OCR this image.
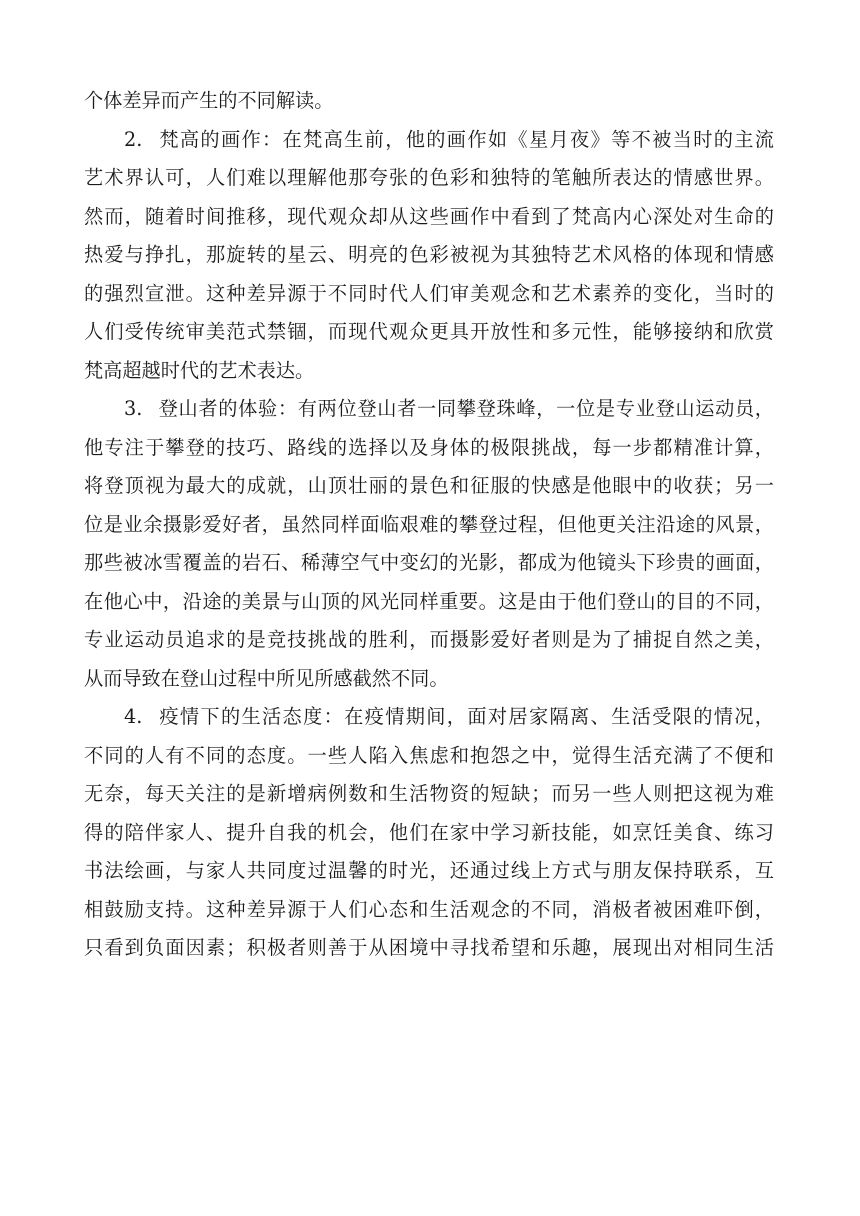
个体差异而产生的不同解读。
2. 梵高的画作：在梵高生前，他的画作如《星月夜》等不被当时的主流
艺术界认可，人们难以理解他那夸张的色彩和独特的笔触所表达的情感世界。
然而，随着时间推移，现代观众却从这些画作中看到了梵高内心深处对生命的
热爱与挣扎，那旋转的星云、明亮的色彩被视为其独特艺术风格的体现和情感
的强烈宣泄。这种差异源于不同时代人们审美观念和艺术素养的变化，当时的
人们受传统审美范式禁锢，而现代观众更具开放性和多元性，能够接纳和欣赏
梵高超越时代的艺术表达。
3. 登山者的体验：有两位登山者一同攀登珠峰，一位是专业登山运动员，
他专注于攀登的技巧、路线的选择以及身体的极限挑战，每一步都精准计算，
将登顶视为最大的成就，山顶壮丽的景色和征服的快感是他眼中的收获；另一
位是业余摄影爱好者，虽然同样面临艰难的攀登过程，但他更关注沿途的风景，
那些被冰雪覆盖的岩石、稀薄空气中变幻的光影，都成为他镜头下珍贵的画面，
在他心中，沿途的美景与山顶的风光同样重要。这是由于他们登山的目的不同，
专业运动员追求的是竞技挑战的胜利，而摄影爱好者则是为了捕捉自然之美，
从而导致在登山过程中所见所感截然不同。
4. 疫情下的生活态度：在疫情期间，面对居家隔离、生活受限的情况，
不同的人有不同的态度。一些人陷入焦虑和抱怨之中，觉得生活充满了不便和
无奈，每天关注的是新增病例数和生活物资的短缺；而另一些人则把这视为难
得的陪伴家人、提升自我的机会，他们在家中学习新技能，如烹饪美食、练习
书法绘画，与家人共同度过温馨的时光，还通过线上方式与朋友保持联系，互
相鼓励支持。这种差异源于人们心态和生活观念的不同，消极者被困难吓倒，
只看到负面因素；积极者则善于从困境中寻找希望和乐趣，展现出对相同生活
